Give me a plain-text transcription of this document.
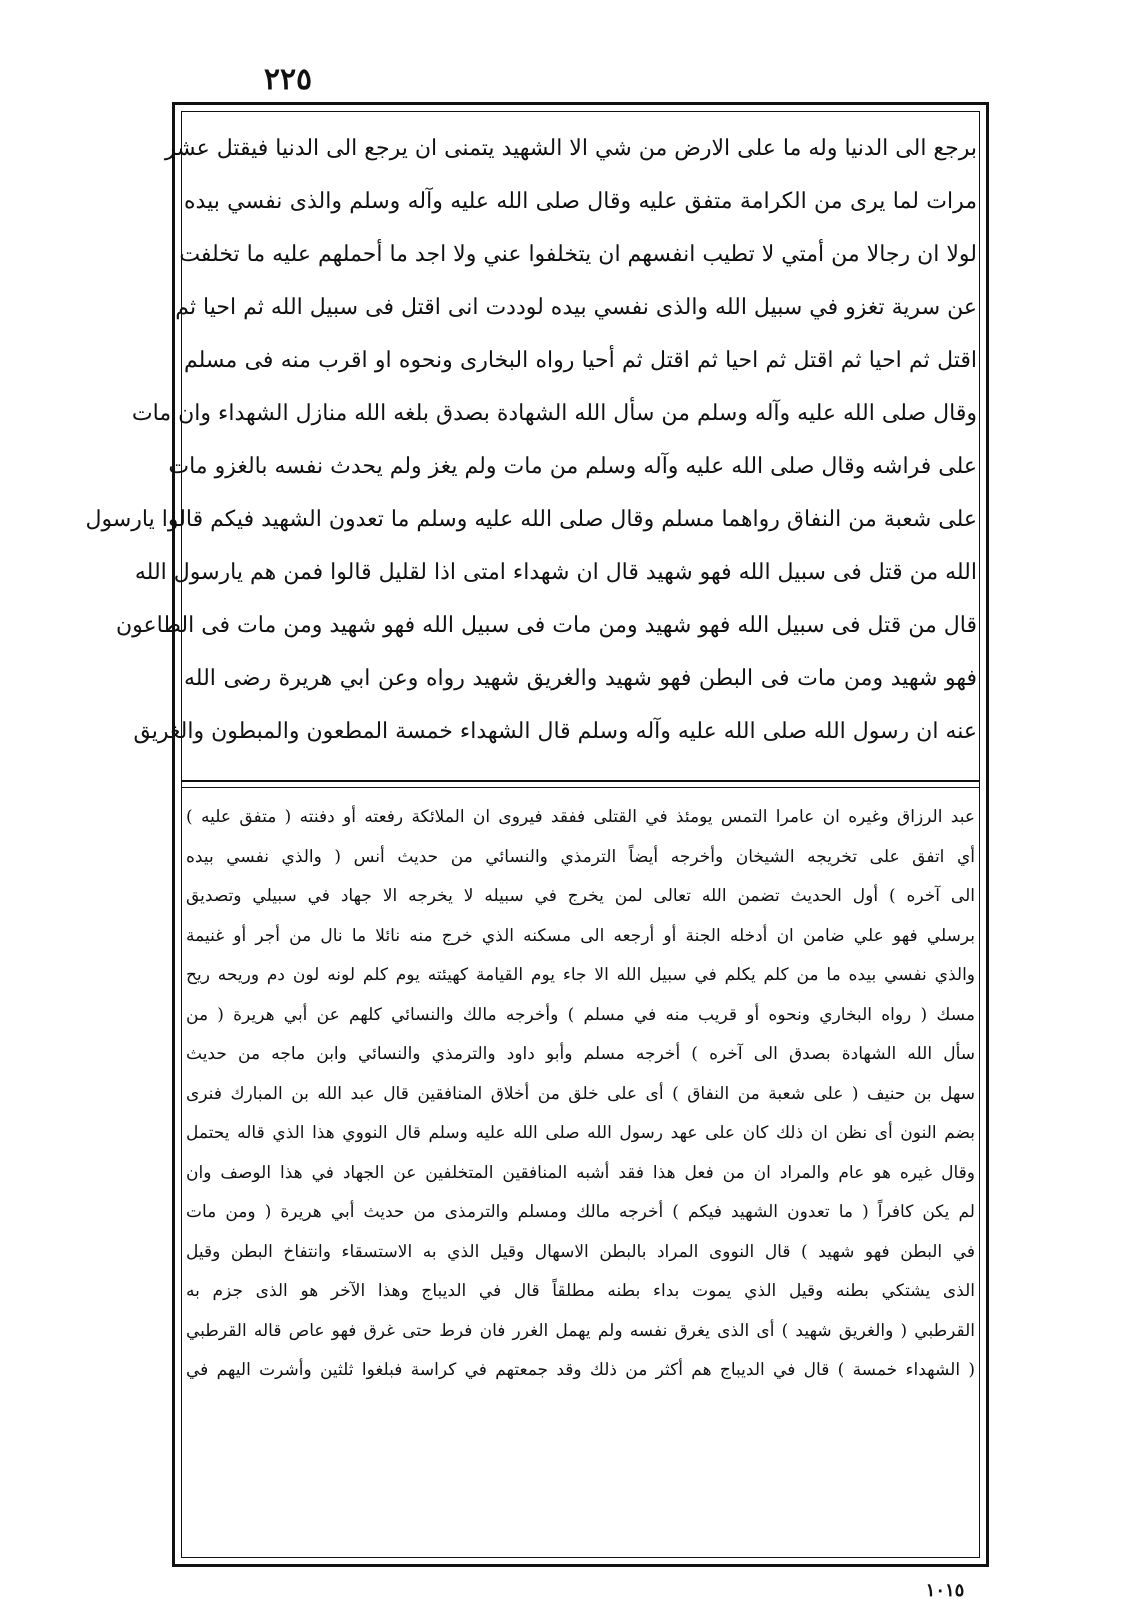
٢٢٥
برجع الى الدنيا وله ما على الارض من شي الا الشهيد يتمنى ان يرجع الى الدنيا فيقتل عشر
مرات لما يرى من الكرامة متفق عليه وقال صلى الله عليه وآله وسلم والذى نفسي بيده
لولا ان رجالا من أمتي لا تطيب انفسهم ان يتخلفوا عني ولا اجد ما أحملهم عليه ما تخلفت
عن سرية تغزو في سبيل الله والذى نفسي بيده لوددت انى اقتل فى سبيل الله ثم احيا ثم
اقتل ثم احيا ثم اقتل ثم احيا ثم اقتل ثم أحيا رواه البخارى ونحوه او اقرب منه فى مسلم
وقال صلى الله عليه وآله وسلم من سأل الله الشهادة بصدق بلغه الله منازل الشهداء وان مات
على فراشه وقال صلى الله عليه وآله وسلم من مات ولم يغز ولم يحدث نفسه بالغزو مات
على شعبة من النفاق رواهما مسلم وقال صلى الله عليه وسلم ما تعدون الشهيد فيكم قالوا يارسول
الله من قتل فى سبيل الله فهو شهيد قال ان شهداء امتى اذا لقليل قالوا فمن هم يارسول الله
قال من قتل فى سبيل الله فهو شهيد ومن مات فى سبيل الله فهو شهيد ومن مات فى الطاعون
فهو شهيد ومن مات فى البطن فهو شهيد والغريق شهيد رواه وعن ابي هريرة رضى الله
عنه ان رسول الله صلى الله عليه وآله وسلم قال الشهداء خمسة المطعون والمبطون والغريق
عبد الرزاق وغيره ان عامرا التمس يومئذ في القتلى ففقد فيروى ان الملائكة رفعته أو دفنته ( متفق عليه )
أي اتفق على تخريجه الشيخان وأخرجه أيضاً الترمذي والنسائي من حديث أنس ( والذي نفسي بيده
الى آخره ) أول الحديث تضمن الله تعالى لمن يخرج في سبيله لا يخرجه الا جهاد في سبيلي وتصديق
برسلي فهو علي ضامن ان أدخله الجنة أو أرجعه الى مسكنه الذي خرج منه نائلا ما نال من أجر أو غنيمة
والذي نفسي بيده ما من كلم يكلم في سبيل الله الا جاء يوم القيامة كهيئته يوم كلم لونه لون دم وريحه ريح
مسك ( رواه البخاري ونحوه أو قريب منه في مسلم ) وأخرجه مالك والنسائي كلهم عن أبي هريرة ( من
سأل الله الشهادة بصدق الى آخره ) أخرجه مسلم وأبو داود والترمذي والنسائي وابن ماجه من حديث
سهل بن حنيف ( على شعبة من النفاق ) أى على خلق من أخلاق المنافقين قال عبد الله بن المبارك فنرى
بضم النون أى نظن ان ذلك كان على عهد رسول الله صلى الله عليه وسلم قال النووي هذا الذي قاله يحتمل
وقال غيره هو عام والمراد ان من فعل هذا فقد أشبه المنافقين المتخلفين عن الجهاد في هذا الوصف وان
لم يكن كافراً ( ما تعدون الشهيد فيكم ) أخرجه مالك ومسلم والترمذى من حديث أبي هريرة ( ومن مات
في البطن فهو شهيد ) قال النووى المراد بالبطن الاسهال وقيل الذي به الاستسقاء وانتفاخ البطن وقيل
الذى يشتكي بطنه وقيل الذي يموت بداء بطنه مطلقاً قال في الديباج وهذا الآخر هو الذى جزم به
القرطبي ( والغريق شهيد ) أى الذى يغرق نفسه ولم يهمل الغرر فان فرط حتى غرق فهو عاص قاله القرطبي
( الشهداء خمسة ) قال في الديباج هم أكثر من ذلك وقد جمعتهم في كراسة فبلغوا ثلثين وأشرت اليهم في
١٠١٥
